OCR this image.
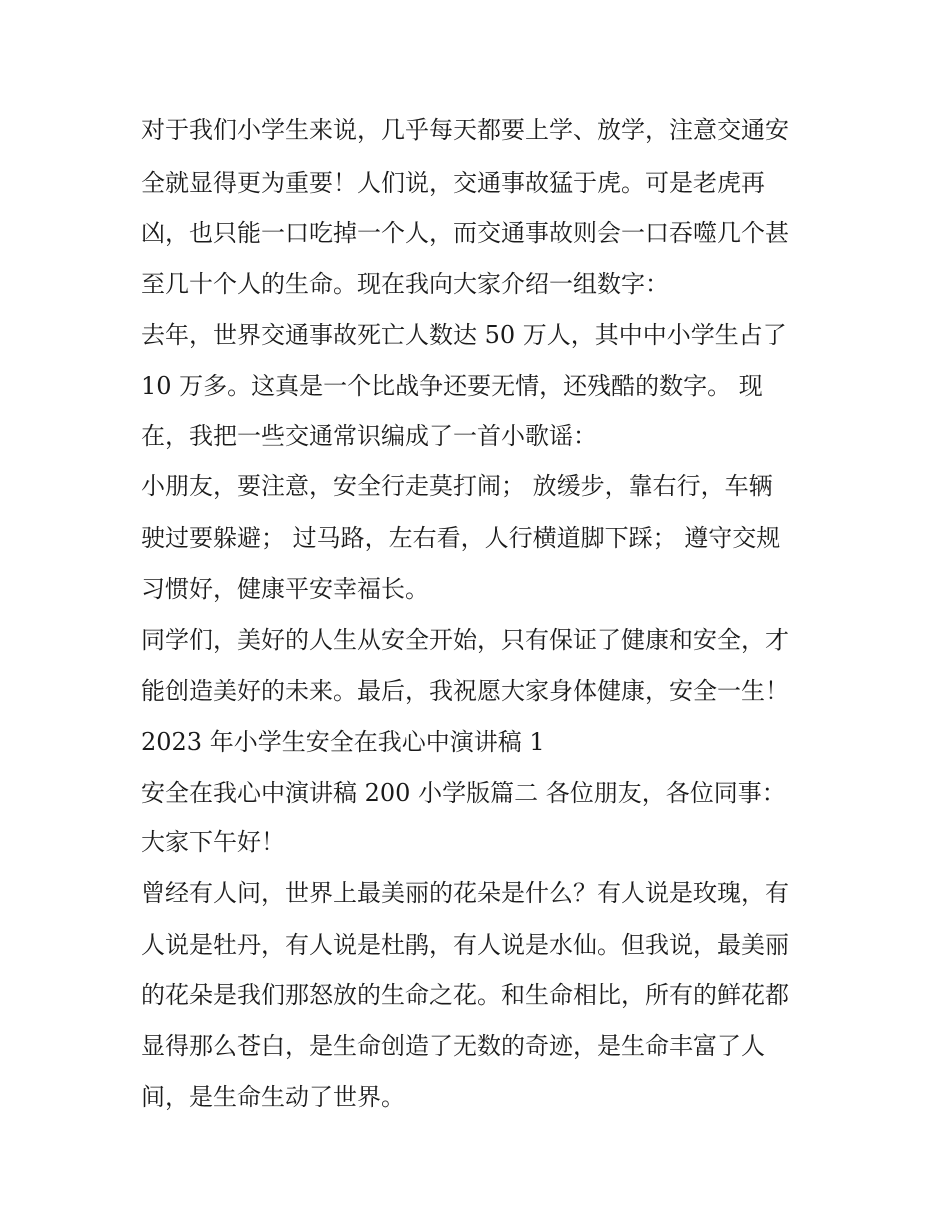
对于我们小学生来说，几乎每天都要上学、放学，注意交通安
全就显得更为重要！人们说，交通事故猛于虎。可是老虎再
凶，也只能一口吃掉一个人，而交通事故则会一口吞噬几个甚
至几十个人的生命。现在我向大家介绍一组数字：
去年，世界交通事故死亡人数达 50 万人，其中中小学生占了
10 万多。这真是一个比战争还要无情，还残酷的数字。 现
在，我把一些交通常识编成了一首小歌谣：
小朋友，要注意，安全行走莫打闹； 放缓步，靠右行，车辆
驶过要躲避； 过马路，左右看，人行横道脚下踩； 遵守交规
习惯好，健康平安幸福长。
同学们，美好的人生从安全开始，只有保证了健康和安全，才
能创造美好的未来。最后，我祝愿大家身体健康，安全一生！
2023 年小学生安全在我心中演讲稿 1
安全在我心中演讲稿 200 小学版篇二 各位朋友，各位同事：
大家下午好！
曾经有人问，世界上最美丽的花朵是什么？有人说是玫瑰，有
人说是牡丹，有人说是杜鹃，有人说是水仙。但我说，最美丽
的花朵是我们那怒放的生命之花。和生命相比，所有的鲜花都
显得那么苍白，是生命创造了无数的奇迹，是生命丰富了人
间，是生命生动了世界。
